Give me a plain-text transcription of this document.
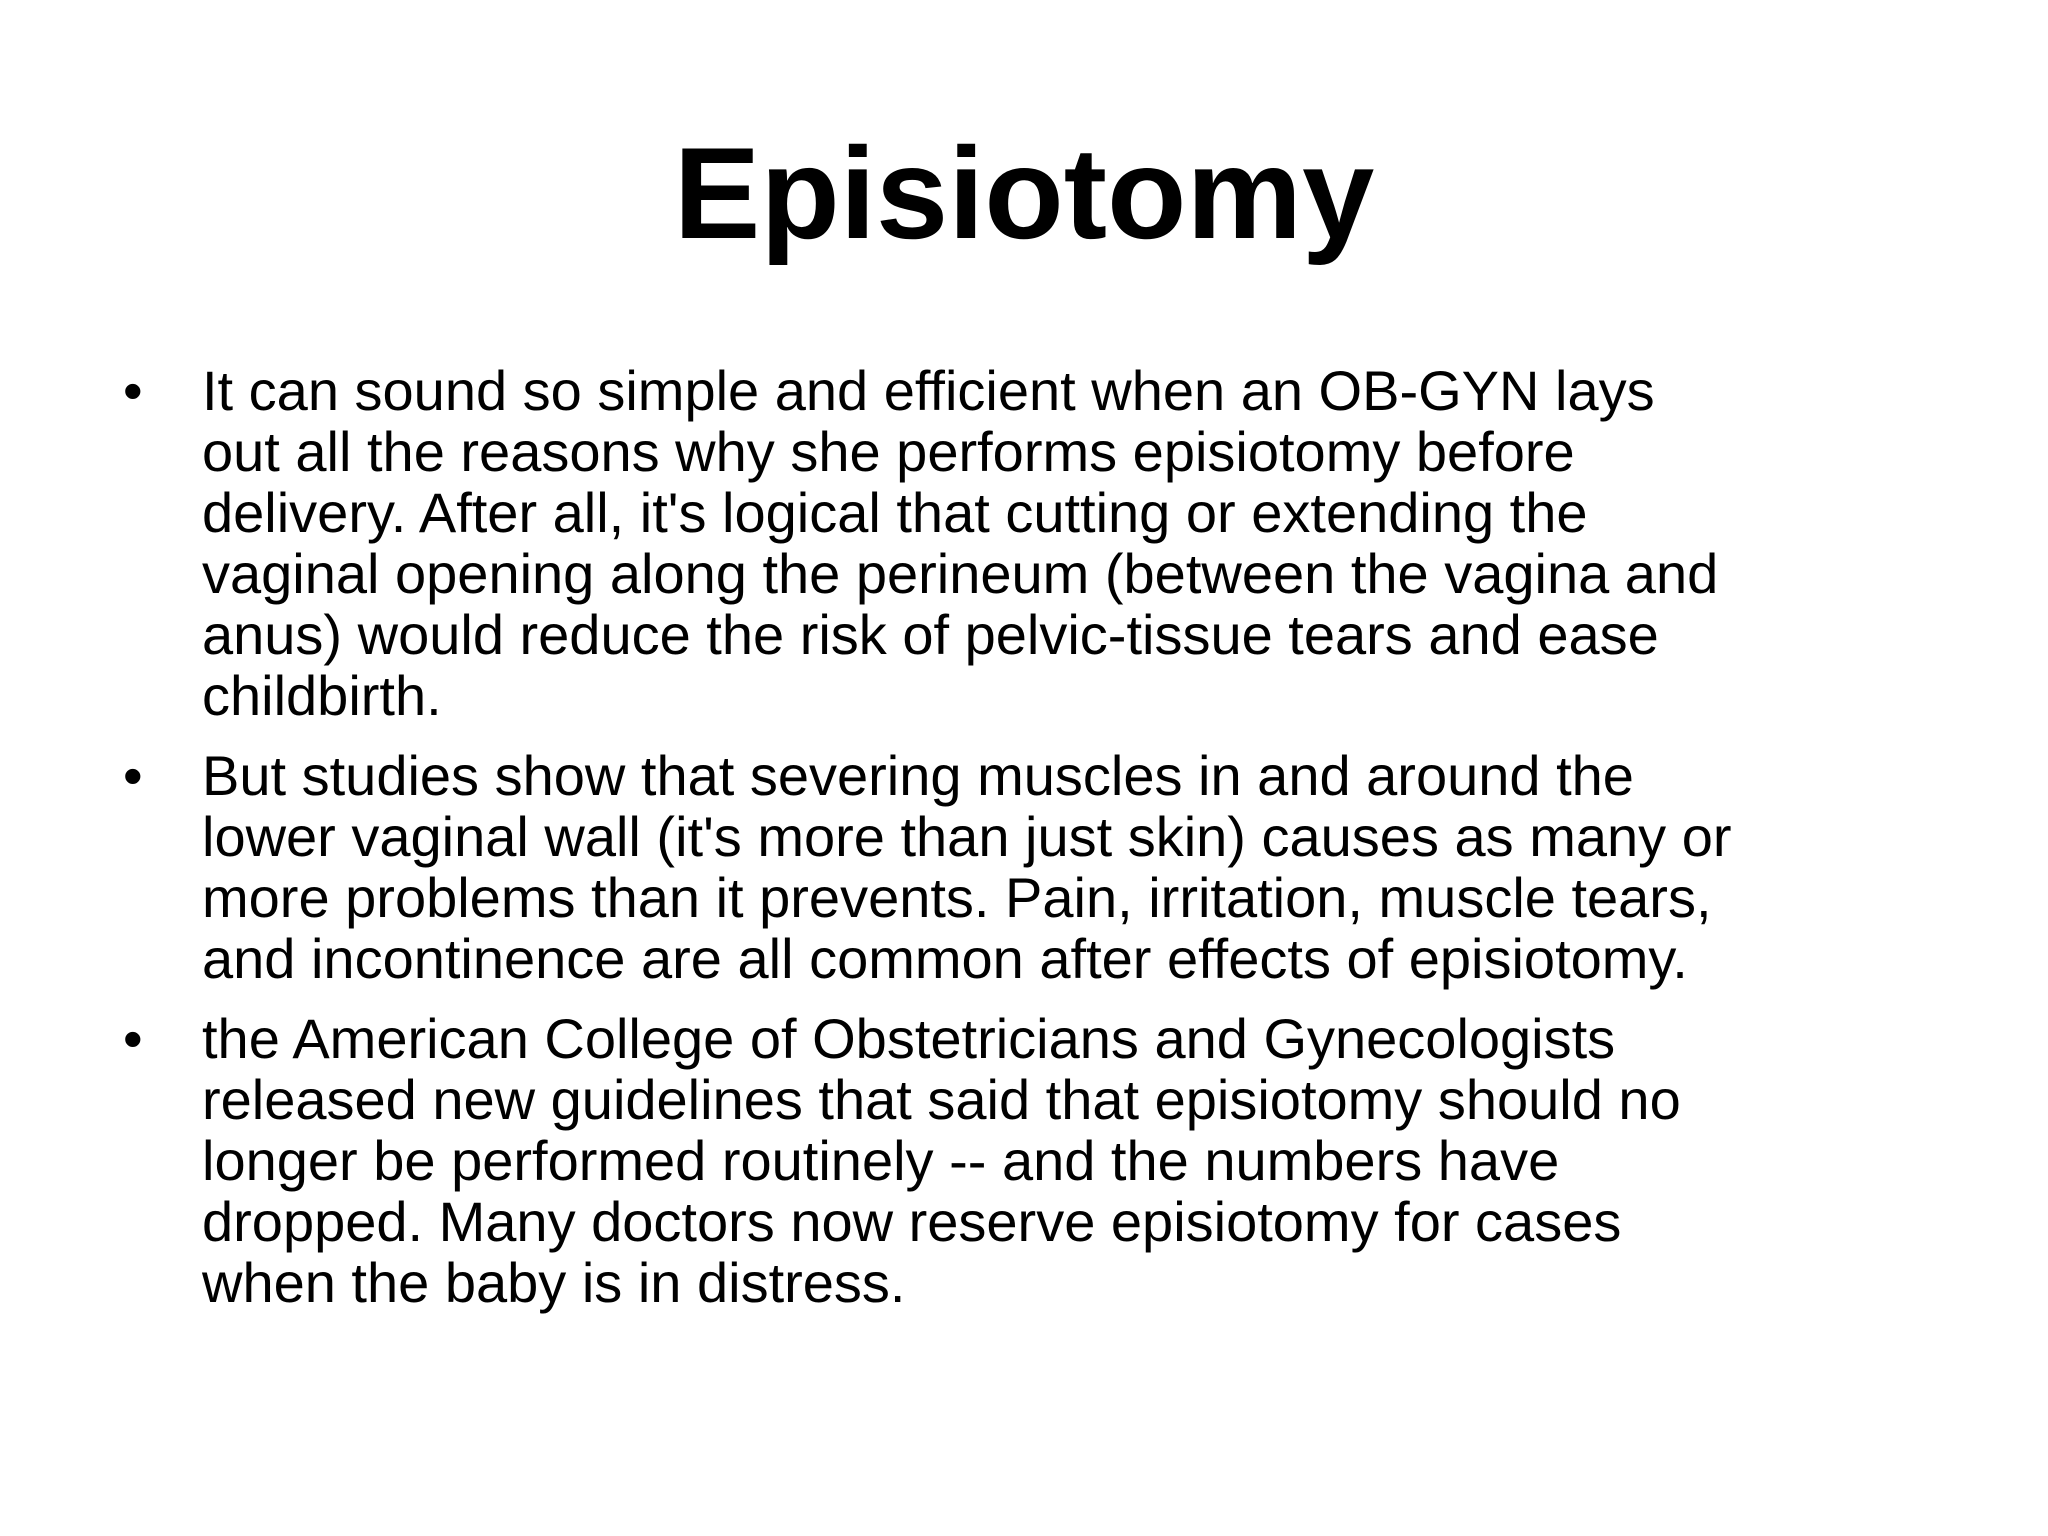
Episiotomy
• It can sound so simple and efficient when an OB-GYN lays
out all the reasons why she performs episiotomy before
delivery. After all, it's logical that cutting or extending the
vaginal opening along the perineum (between the vagina and
anus) would reduce the risk of pelvic-tissue tears and ease
childbirth.
• But studies show that severing muscles in and around the
lower vaginal wall (it's more than just skin) causes as many or
more problems than it prevents. Pain, irritation, muscle tears,
and incontinence are all common after effects of episiotomy.
• the American College of Obstetricians and Gynecologists
released new guidelines that said that episiotomy should no
longer be performed routinely -- and the numbers have
dropped. Many doctors now reserve episiotomy for cases
when the baby is in distress.
